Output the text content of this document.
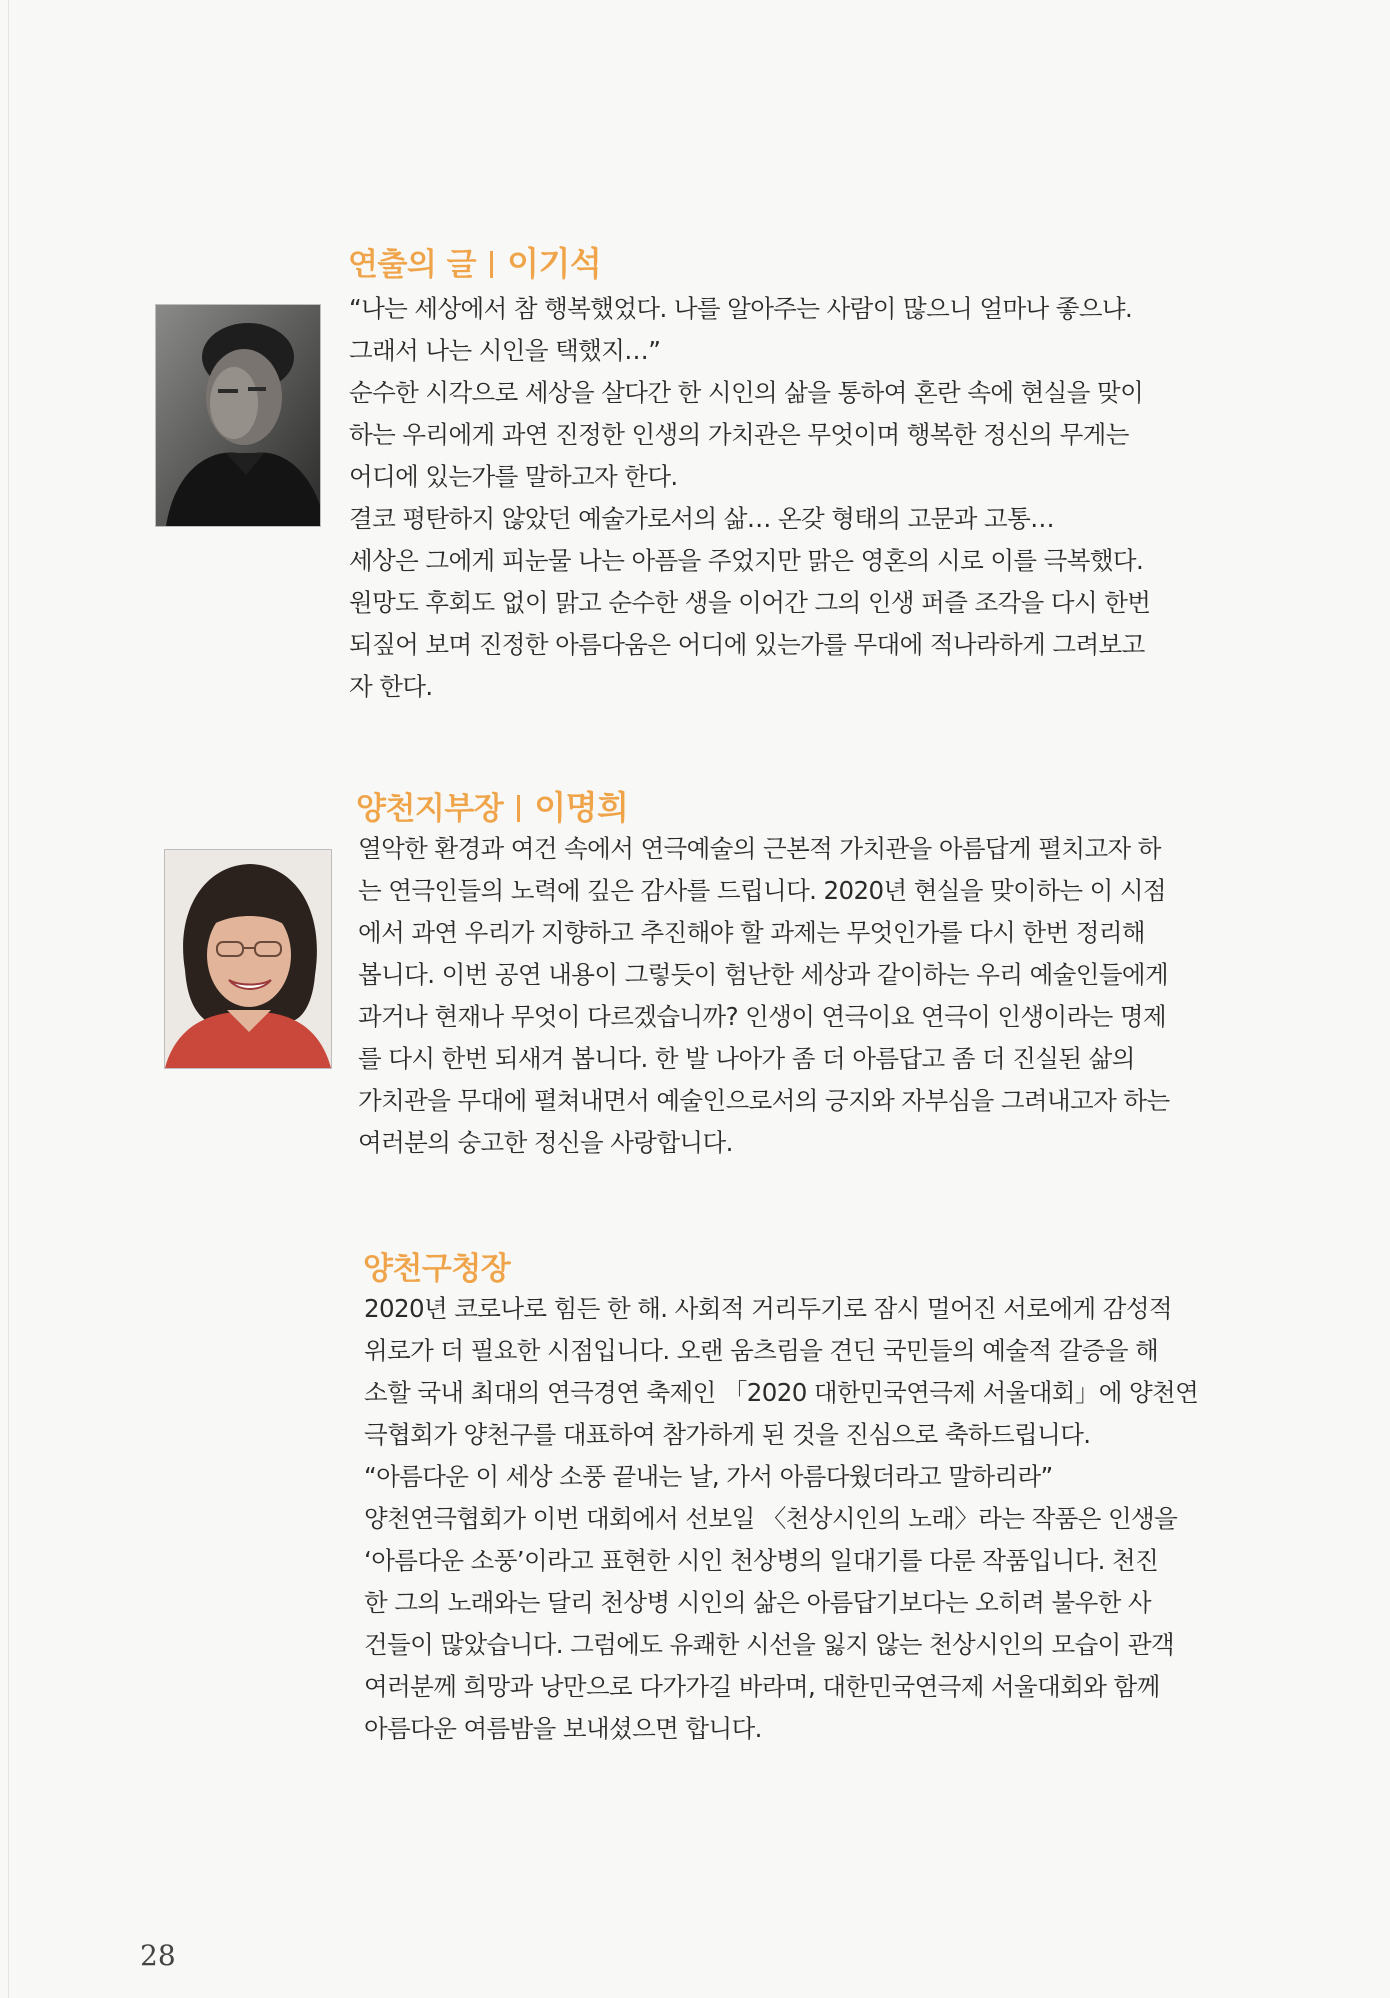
연출의 글 이기석

“나는 세상에서 참 행복했었다. 나를 알아주는 사람이 많으니 얼마나 좋으냐.

그래서 나는 시인을 택했지…”

순수한 시각으로 세상을 살다간 한 시인의 삶을 통하여 혼란 속에 현실을 맞이

하는 우리에게 과연 진정한 인생의 가치관은 무엇이며 행복한 정신의 무게는

어디에 있는가를 말하고자 한다.

결코 평탄하지 않았던 예술가로서의 삶… 온갖 형태의 고문과 고통…

세상은 그에게 피눈물 나는 아픔을 주었지만 맑은 영혼의 시로 이를 극복했다.

원망도 후회도 없이 맑고 순수한 생을 이어간 그의 인생 퍼즐 조각을 다시 한번

되짚어 보며 진정한 아름다움은 어디에 있는가를 무대에 적나라하게 그려보고

자 한다.

양천지부장 이명희

열악한 환경과 여건 속에서 연극예술의 근본적 가치관을 아름답게 펼치고자 하

는 연극인들의 노력에 깊은 감사를 드립니다. 2020년 현실을 맞이하는 이 시점

에서 과연 우리가 지향하고 추진해야 할 과제는 무엇인가를 다시 한번 정리해

봅니다. 이번 공연 내용이 그렇듯이 험난한 세상과 같이하는 우리 예술인들에게

과거나 현재나 무엇이 다르겠습니까? 인생이 연극이요 연극이 인생이라는 명제

를 다시 한번 되새겨 봅니다. 한 발 나아가 좀 더 아름답고 좀 더 진실된 삶의

가치관을 무대에 펼쳐내면서 예술인으로서의 긍지와 자부심을 그려내고자 하는

여러분의 숭고한 정신을 사랑합니다.

양천구청장

2020년 코로나로 힘든 한 해. 사회적 거리두기로 잠시 멀어진 서로에게 감성적

위로가 더 필요한 시점입니다. 오랜 움츠림을 견딘 국민들의 예술적 갈증을 해

소할 국내 최대의 연극경연 축제인 「2020 대한민국연극제 서울대회」에 양천연

극협회가 양천구를 대표하여 참가하게 된 것을 진심으로 축하드립니다.

“아름다운 이 세상 소풍 끝내는 날, 가서 아름다웠더라고 말하리라”

양천연극협회가 이번 대회에서 선보일 〈천상시인의 노래〉라는 작품은 인생을

‘아름다운 소풍’이라고 표현한 시인 천상병의 일대기를 다룬 작품입니다. 천진

한 그의 노래와는 달리 천상병 시인의 삶은 아름답기보다는 오히려 불우한 사

건들이 많았습니다. 그럼에도 유쾌한 시선을 잃지 않는 천상시인의 모습이 관객

여러분께 희망과 낭만으로 다가가길 바라며, 대한민국연극제 서울대회와 함께

아름다운 여름밤을 보내셨으면 합니다.

28
